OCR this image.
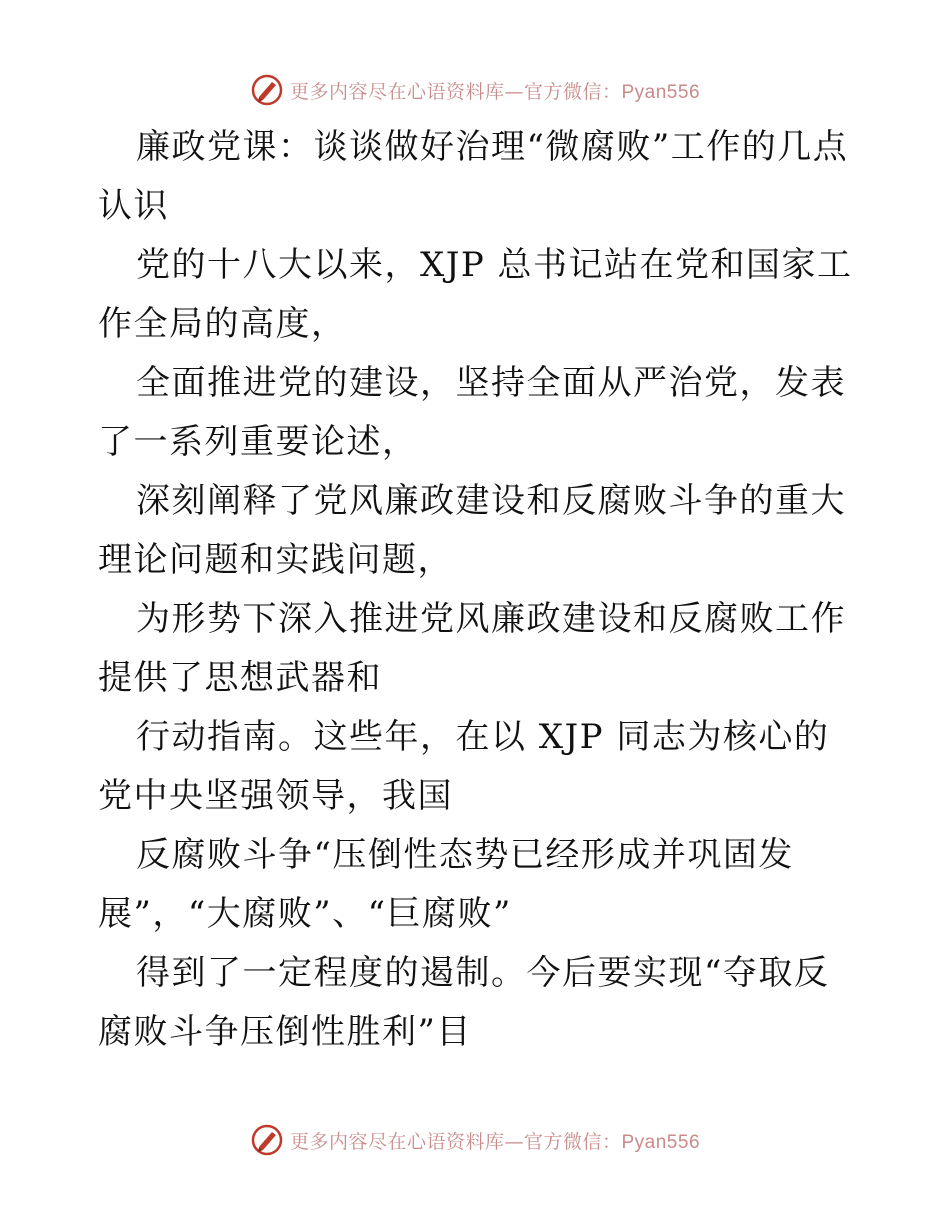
更多内容尽在心语资料库—官方微信：Pyan556

廉政党课：谈谈做好治理“微腐败”工作的几点认识

党的十八大以来，XJP 总书记站在党和国家工作全局的高度，

全面推进党的建设，坚持全面从严治党，发表了一系列重要论述，

深刻阐释了党风廉政建设和反腐败斗争的重大理论问题和实践问题，

为形势下深入推进党风廉政建设和反腐败工作提供了思想武器和

行动指南。这些年，在以 XJP 同志为核心的党中央坚强领导，我国

反腐败斗争“压倒性态势已经形成并巩固发展”，“大腐败”、“巨腐败”

得到了一定程度的遏制。今后要实现“夺取反腐败斗争压倒性胜利”目

更多内容尽在心语资料库—官方微信：Pyan556
